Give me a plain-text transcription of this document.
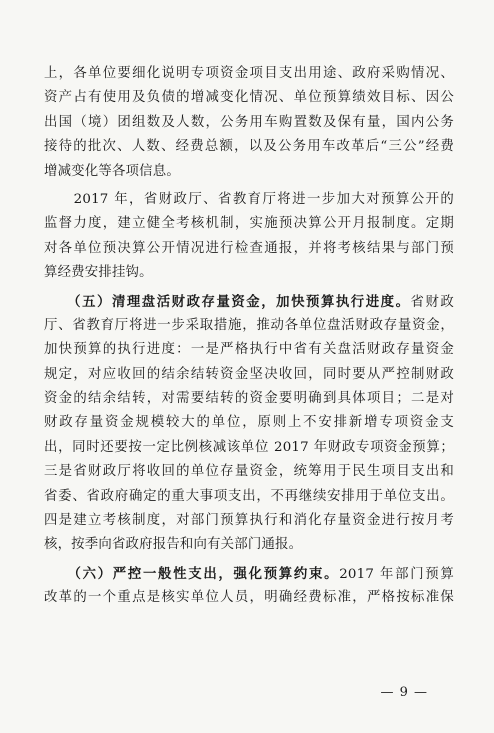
上，各单位要细化说明专项资金项目支出用途、政府采购情况、
资产占有使用及负债的增减变化情况、单位预算绩效目标、因公
出国（境）团组数及人数，公务用车购置数及保有量，国内公务
接待的批次、人数、经费总额，以及公务用车改革后“三公”经费
增减变化等各项信息。
　　2017 年，省财政厅、省教育厅将进一步加大对预算公开的
监督力度，建立健全考核机制，实施预决算公开月报制度。定期
对各单位预决算公开情况进行检查通报，并将考核结果与部门预
算经费安排挂钩。
　　（五）清理盘活财政存量资金，加快预算执行进度。省财政
厅、省教育厅将进一步采取措施，推动各单位盘活财政存量资金，
加快预算的执行进度：一是严格执行中省有关盘活财政存量资金
规定，对应收回的结余结转资金坚决收回，同时要从严控制财政
资金的结余结转，对需要结转的资金要明确到具体项目；二是对
财政存量资金规模较大的单位，原则上不安排新增专项资金支
出，同时还要按一定比例核减该单位 2017 年财政专项资金预算；
三是省财政厅将收回的单位存量资金，统筹用于民生项目支出和
省委、省政府确定的重大事项支出，不再继续安排用于单位支出。
四是建立考核制度，对部门预算执行和消化存量资金进行按月考
核，按季向省政府报告和向有关部门通报。
　　（六）严控一般性支出，强化预算约束。2017 年部门预算
改革的一个重点是核实单位人员，明确经费标准，严格按标准保
— 9 —
